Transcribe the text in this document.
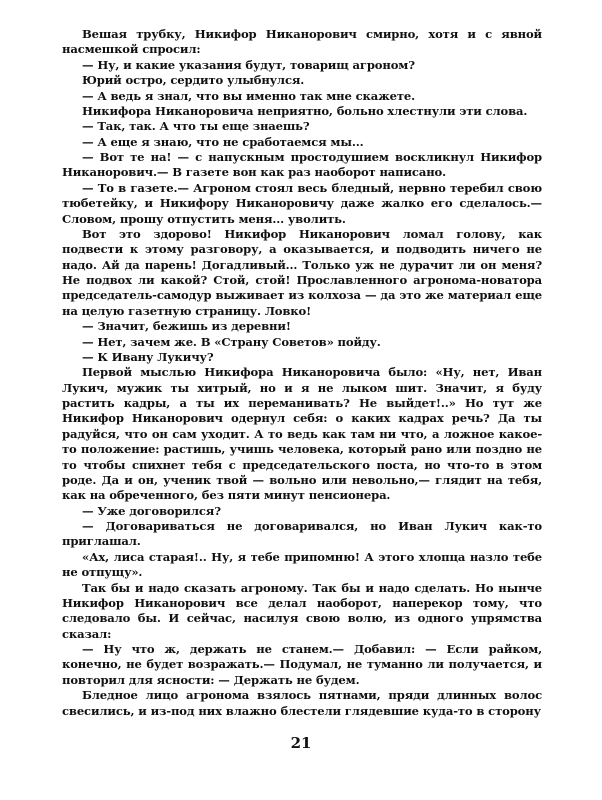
Вешая трубку, Никифор Никанорович смирно, хотя и с явной насмешкой спросил:

— Ну, и какие указания будут, товарищ агроном?

Юрий остро, сердито улыбнулся.

— А ведь я знал, что вы именно так мне скажете.

Никифора Никаноровича неприятно, больно хлестнули эти слова.

— Так, так. А что ты еще знаешь?

— А еще я знаю, что не сработаемся мы...

— Вот те на! — с напускным простодушием воскликнул Никифор Никанорович.— В газете вон как раз наоборот написано.

— То в газете.— Агроном стоял весь бледный, нервно теребил свою тюбетейку, и Никифору Никаноровичу даже жалко его сделалось.— Словом, прошу отпустить меня... уволить.

Вот это здорово! Никифор Никанорович ломал голову, как подвести к этому разговору, а оказывается, и подводить ничего не надо. Ай да парень! Догадливый... Только уж не дурачит ли он меня? Не подвох ли какой? Стой, стой! Прославленного агронома-новатора председатель-самодур выживает из колхоза — да это же материал еще на целую газетную страницу. Ловко!

— Значит, бежишь из деревни!

— Нет, зачем же. В «Страну Советов» пойду.

— К Ивану Лукичу?

Первой мыслью Никифора Никаноровича было: «Ну, нет, Иван Лукич, мужик ты хитрый, но и я не лыком шит. Значит, я буду растить кадры, а ты их переманивать? Не выйдет!..» Но тут же Никифор Никанорович одернул себя: о каких кадрах речь? Да ты радуйся, что он сам уходит. А то ведь как там ни что, а ложное какое-то положение: растишь, учишь человека, который рано или поздно не то чтобы спихнет тебя с председательского поста, но что-то в этом роде. Да и он, ученик твой — вольно или невольно,— глядит на тебя, как на обреченного, без пяти минут пенсионера.

— Уже договорился?

— Договариваться не договаривался, но Иван Лукич как-то приглашал.

«Ах, лиса старая!.. Ну, я тебе припомню! А этого хлопца назло тебе не отпущу».

Так бы и надо сказать агроному. Так бы и надо сделать. Но нынче Никифор Никанорович все делал наоборот, наперекор тому, что следовало бы. И сейчас, насилуя свою волю, из одного упрямства сказал:

— Ну что ж, держать не станем.— Добавил: — Если райком, конечно, не будет возражать.— Подумал, не туманно ли получается, и повторил для ясности: — Держать не будем.

Бледное лицо агронома взялось пятнами, пряди длинных волос свесились, и из-под них влажно блестели глядевшие куда-то в сторону

21
